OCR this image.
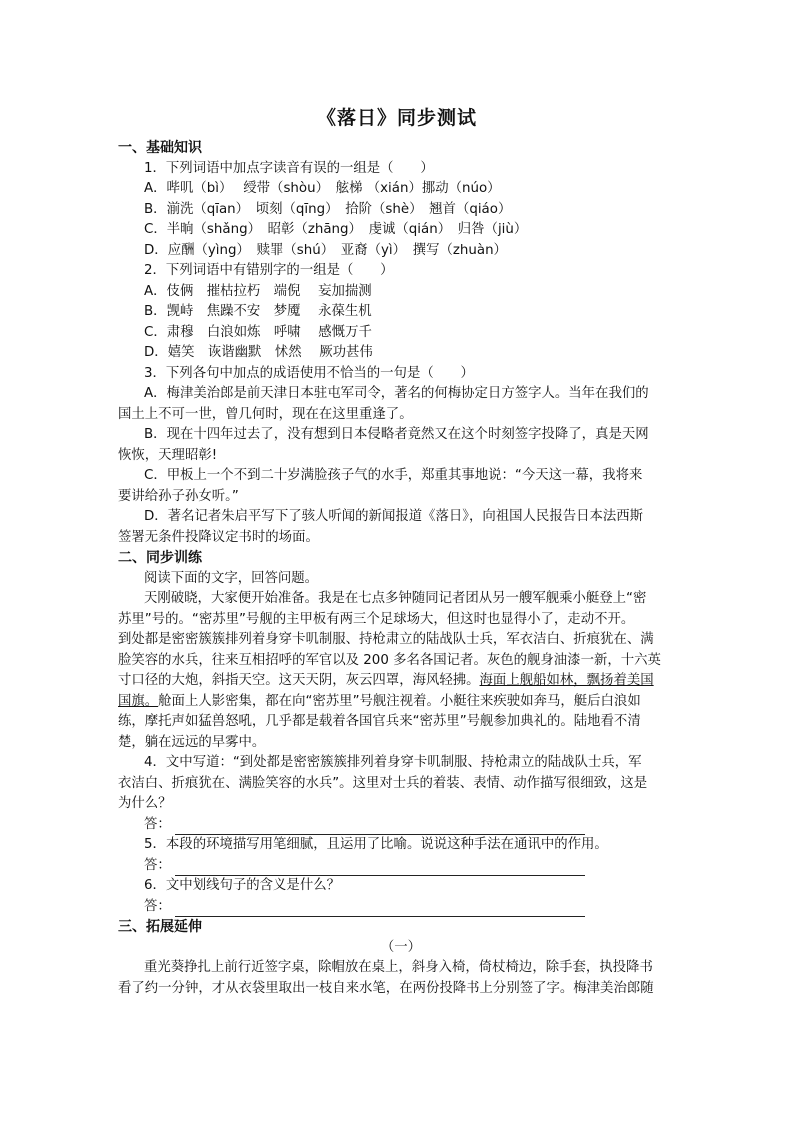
《落日》同步测试
一、基础知识
1．下列词语中加点字读音有误的一组是（　　）
A．哔叽（bì）　 绶带（shòu）　舷梯 （xián）挪动（núo）
B．湔洗（qīan）　顷刻（qīng）　拾阶（shè）　翘首（qiáo）
C．半晌（shǎng）　昭彰（zhāng）　虔诚（qián）　归咎（jiù）
D．应酬（yìng）　赎罪（shú）　亚裔（yì）　撰写（zhuàn）
2．下列词语中有错别字的一组是（　　）
A．伎俩　摧枯拉朽　端倪　 妄加揣测
B．觊峙　焦躁不安　梦魇　 永葆生机
C．肃穆　白浪如炼　呼啸　 感慨万千
D．嬉笑　诙谐幽默　怵然　 厥功甚伟
3．下列各句中加点的成语使用不恰当的一句是（　　）
A．梅津美治郎是前天津日本驻屯军司令，著名的何梅协定日方签字人。当年在我们的
国土上不可一世，曾几何时，现在在这里重逢了。
B．现在十四年过去了，没有想到日本侵略者竟然又在这个时刻签字投降了，真是天网
恢恢，天理昭彰!
C．甲板上一个不到二十岁满脸孩子气的水手，郑重其事地说：“今天这一幕，我将来
要讲给孙子孙女听。”
D．著名记者朱启平写下了骇人听闻的新闻报道《落日》，向祖国人民报告日本法西斯
签署无条件投降议定书时的场面。
二、同步训练
阅读下面的文字，回答问题。
天刚破晓，大家便开始准备。我是在七点多钟随同记者团从另一艘军舰乘小艇登上“密
苏里”号的。“密苏里”号舰的主甲板有两三个足球场大，但这时也显得小了，走动不开。
到处都是密密簇簇排列着身穿卡叽制服、持枪肃立的陆战队士兵，军衣洁白、折痕犹在、满
脸笑容的水兵，往来互相招呼的军官以及 200 多名各国记者。灰色的舰身油漆一新，十六英
寸口径的大炮，斜指天空。这天天阴，灰云四罩，海风轻拂。海面上舰船如林，飘扬着美国
国旗。舱面上人影密集，都在向“密苏里”号舰注视着。小艇往来疾驶如奔马，艇后白浪如
练，摩托声如猛兽怒吼，几乎都是载着各国官兵来“密苏里”号舰参加典礼的。陆地看不清
楚，躺在远远的早雾中。
4．文中写道：“到处都是密密簇簇排列着身穿卡叽制服、持枪肃立的陆战队士兵，军
衣洁白、折痕犹在、满脸笑容的水兵”。这里对士兵的着装、表情、动作描写很细致，这是
为什么？
答：
5．本段的环境描写用笔细腻，且运用了比喻。说说这种手法在通讯中的作用。
答：
6．文中划线句子的含义是什么？
答：
三、拓展延伸
（一）
重光葵挣扎上前行近签字桌，除帽放在桌上，斜身入椅，倚杖椅边，除手套，执投降书
看了约一分钟，才从衣袋里取出一枝自来水笔，在两份投降书上分别签了字。梅津美治郎随
